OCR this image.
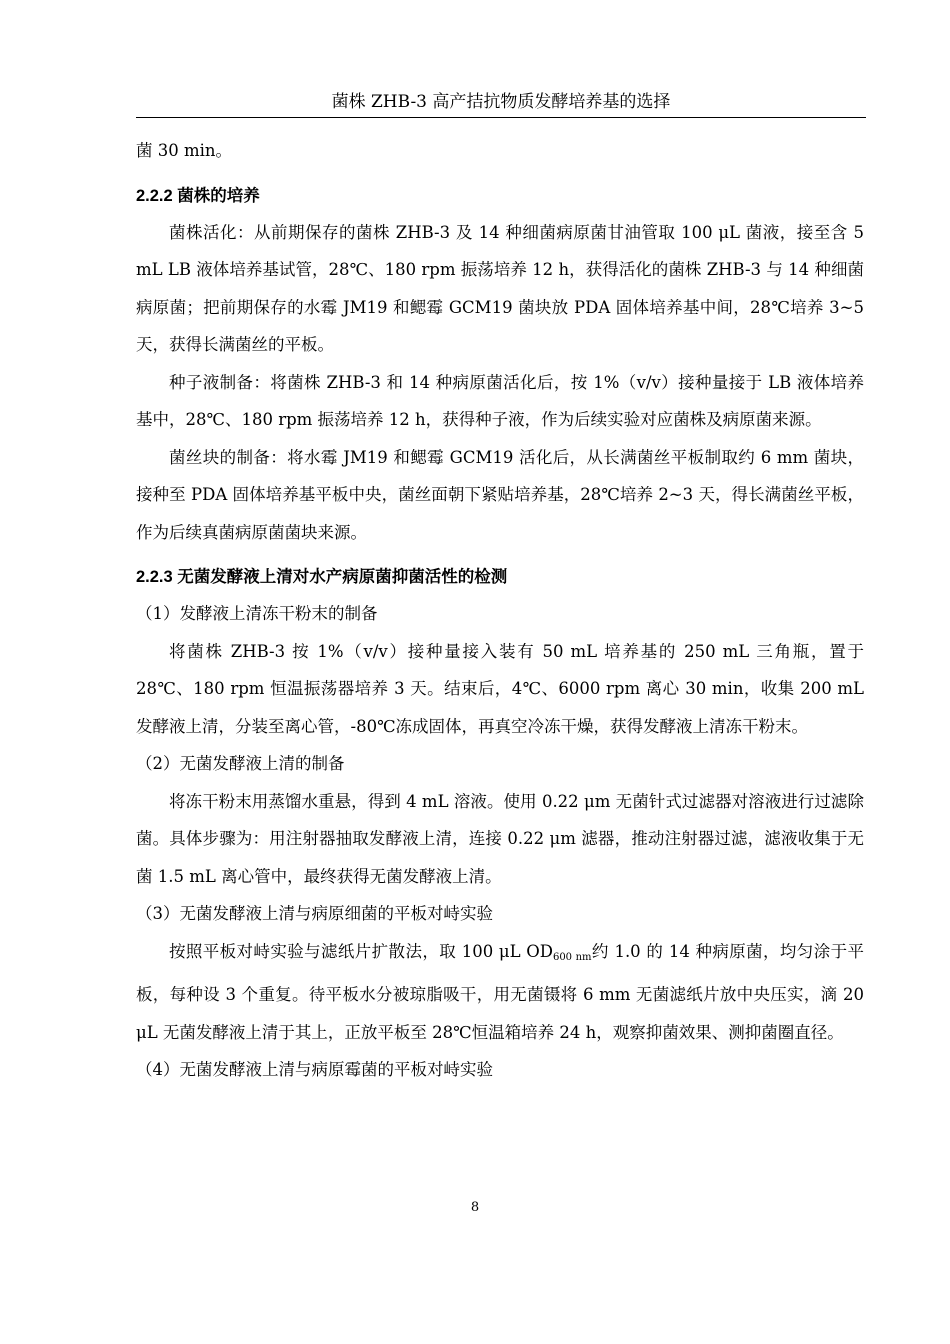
菌株 ZHB-3 高产拮抗物质发酵培养基的选择

菌 30 min。

2.2.2 菌株的培养

菌株活化：从前期保存的菌株 ZHB-3 及 14 种细菌病原菌甘油管取 100 μL 菌液，接至含 5 mL LB 液体培养基试管，28℃、180 rpm 振荡培养 12 h，获得活化的菌株 ZHB-3 与 14 种细菌病原菌；把前期保存的水霉 JM19 和鳃霉 GCM19 菌块放 PDA 固体培养基中间，28℃培养 3~5 天，获得长满菌丝的平板。

种子液制备：将菌株 ZHB-3 和 14 种病原菌活化后，按 1%（v/v）接种量接于 LB 液体培养基中，28℃、180 rpm 振荡培养 12 h，获得种子液，作为后续实验对应菌株及病原菌来源。

菌丝块的制备：将水霉 JM19 和鳃霉 GCM19 活化后，从长满菌丝平板制取约 6 mm 菌块，接种至 PDA 固体培养基平板中央，菌丝面朝下紧贴培养基，28℃培养 2~3 天，得长满菌丝平板，作为后续真菌病原菌菌块来源。

2.2.3 无菌发酵液上清对水产病原菌抑菌活性的检测

（1）发酵液上清冻干粉末的制备

将菌株 ZHB-3 按 1%（v/v）接种量接入装有 50 mL 培养基的 250 mL 三角瓶，置于 28℃、180 rpm 恒温振荡器培养 3 天。结束后，4℃、6000 rpm 离心 30 min，收集 200 mL 发酵液上清，分装至离心管，-80℃冻成固体，再真空冷冻干燥，获得发酵液上清冻干粉末。

（2）无菌发酵液上清的制备

将冻干粉末用蒸馏水重悬，得到 4 mL 溶液。使用 0.22 μm 无菌针式过滤器对溶液进行过滤除菌。具体步骤为：用注射器抽取发酵液上清，连接 0.22 μm 滤器，推动注射器过滤，滤液收集于无菌 1.5 mL 离心管中，最终获得无菌发酵液上清。

（3）无菌发酵液上清与病原细菌的平板对峙实验

按照平板对峙实验与滤纸片扩散法，取 100 μL $OD_{600 nm}$约 1.0 的 14 种病原菌，均匀涂于平板，每种设 3 个重复。待平板水分被琼脂吸干，用无菌镊将 6 mm 无菌滤纸片放中央压实，滴 20 μL 无菌发酵液上清于其上，正放平板至 28℃恒温箱培养 24 h，观察抑菌效果、测抑菌圈直径。

（4）无菌发酵液上清与病原霉菌的平板对峙实验

8
